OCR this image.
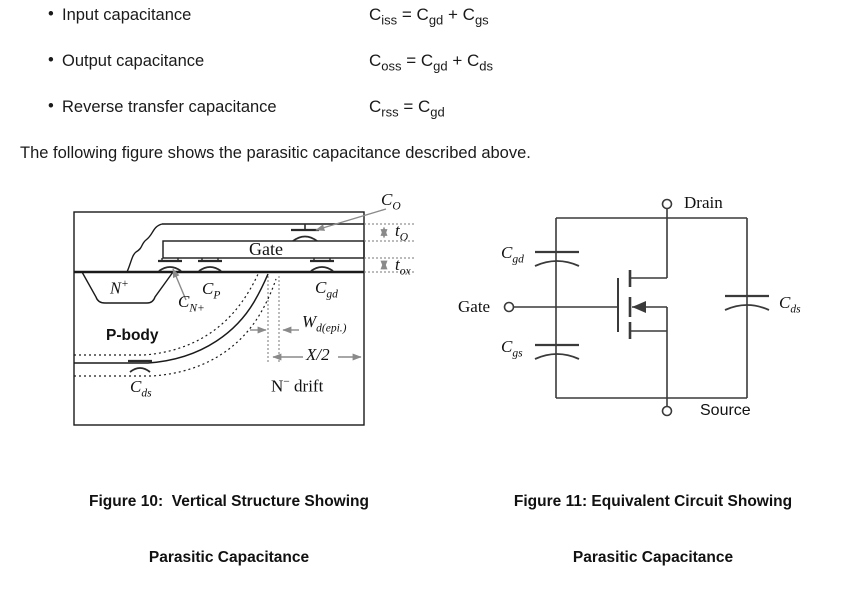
• Input capacitance	$C_{iss} = C_{gd} + C_{gs}$
• Output capacitance	$C_{oss} = C_{gd} + C_{ds}$
• Reverse transfer capacitance	$C_{rss} = C_{gd}$
The following figure shows the parasitic capacitance described above.
$C_O$
$t_O$
$t_{ox}$
Gate
N+
$C_{N+}$
$C_P$	$C_{gd}$
P-body
$W_{d(epi.)}$
X/2
N− drift
$C_{ds}$
Drain
Gate
Source
$C_{gd}$
$C_{gs}$
$C_{ds}$

Figure 10:  Vertical Structure Showing

Parasitic Capacitance

Figure 11: Equivalent Circuit Showing

Parasitic Capacitance
